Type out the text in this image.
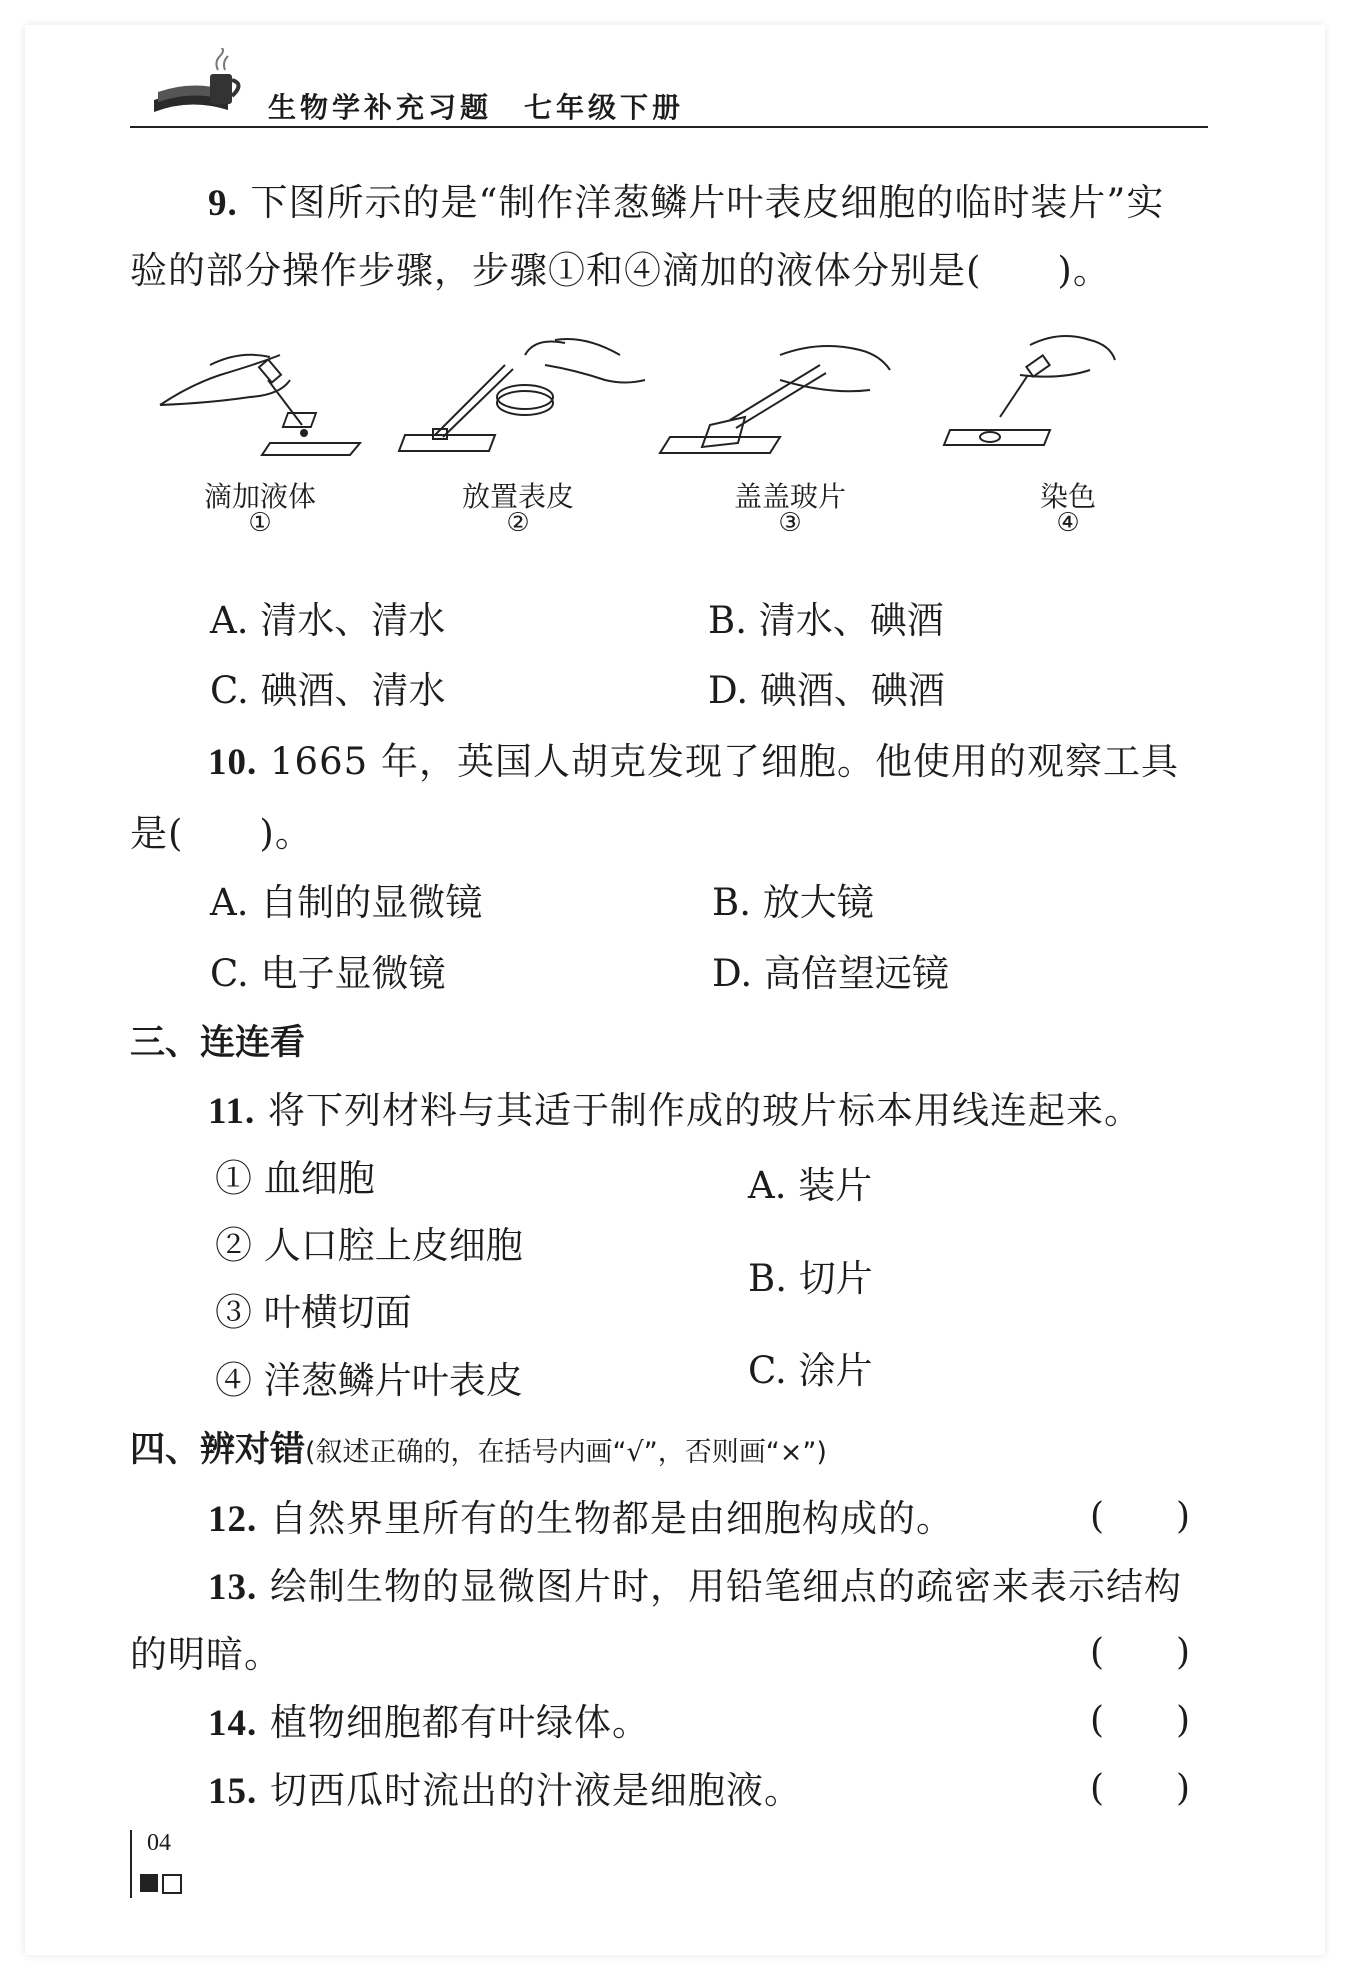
生物学补充习题　七年级下册
9. 下图所示的是“制作洋葱鳞片叶表皮细胞的临时装片”实
验的部分操作步骤，步骤①和④滴加的液体分别是(　　)。
滴加液体
①
放置表皮
②
盖盖玻片
③
染色
④
A. 清水、清水	B. 清水、碘酒
C. 碘酒、清水	D. 碘酒、碘酒
10. 1665 年，英国人胡克发现了细胞。他使用的观察工具
是(　　)。
A. 自制的显微镜	B. 放大镜
C. 电子显微镜	D. 高倍望远镜
三、连连看
11. 将下列材料与其适于制作成的玻片标本用线连起来。
① 血细胞
② 人口腔上皮细胞
③ 叶横切面
④ 洋葱鳞片叶表皮
A. 装片
B. 切片
C. 涂片
四、辨对错(叙述正确的，在括号内画“√”，否则画“×”)
12. 自然界里所有的生物都是由细胞构成的。	(　　)
13. 绘制生物的显微图片时，用铅笔细点的疏密来表示结构
的明暗。	(　　)
14. 植物细胞都有叶绿体。	(　　)
15. 切西瓜时流出的汁液是细胞液。	(　　)
04
